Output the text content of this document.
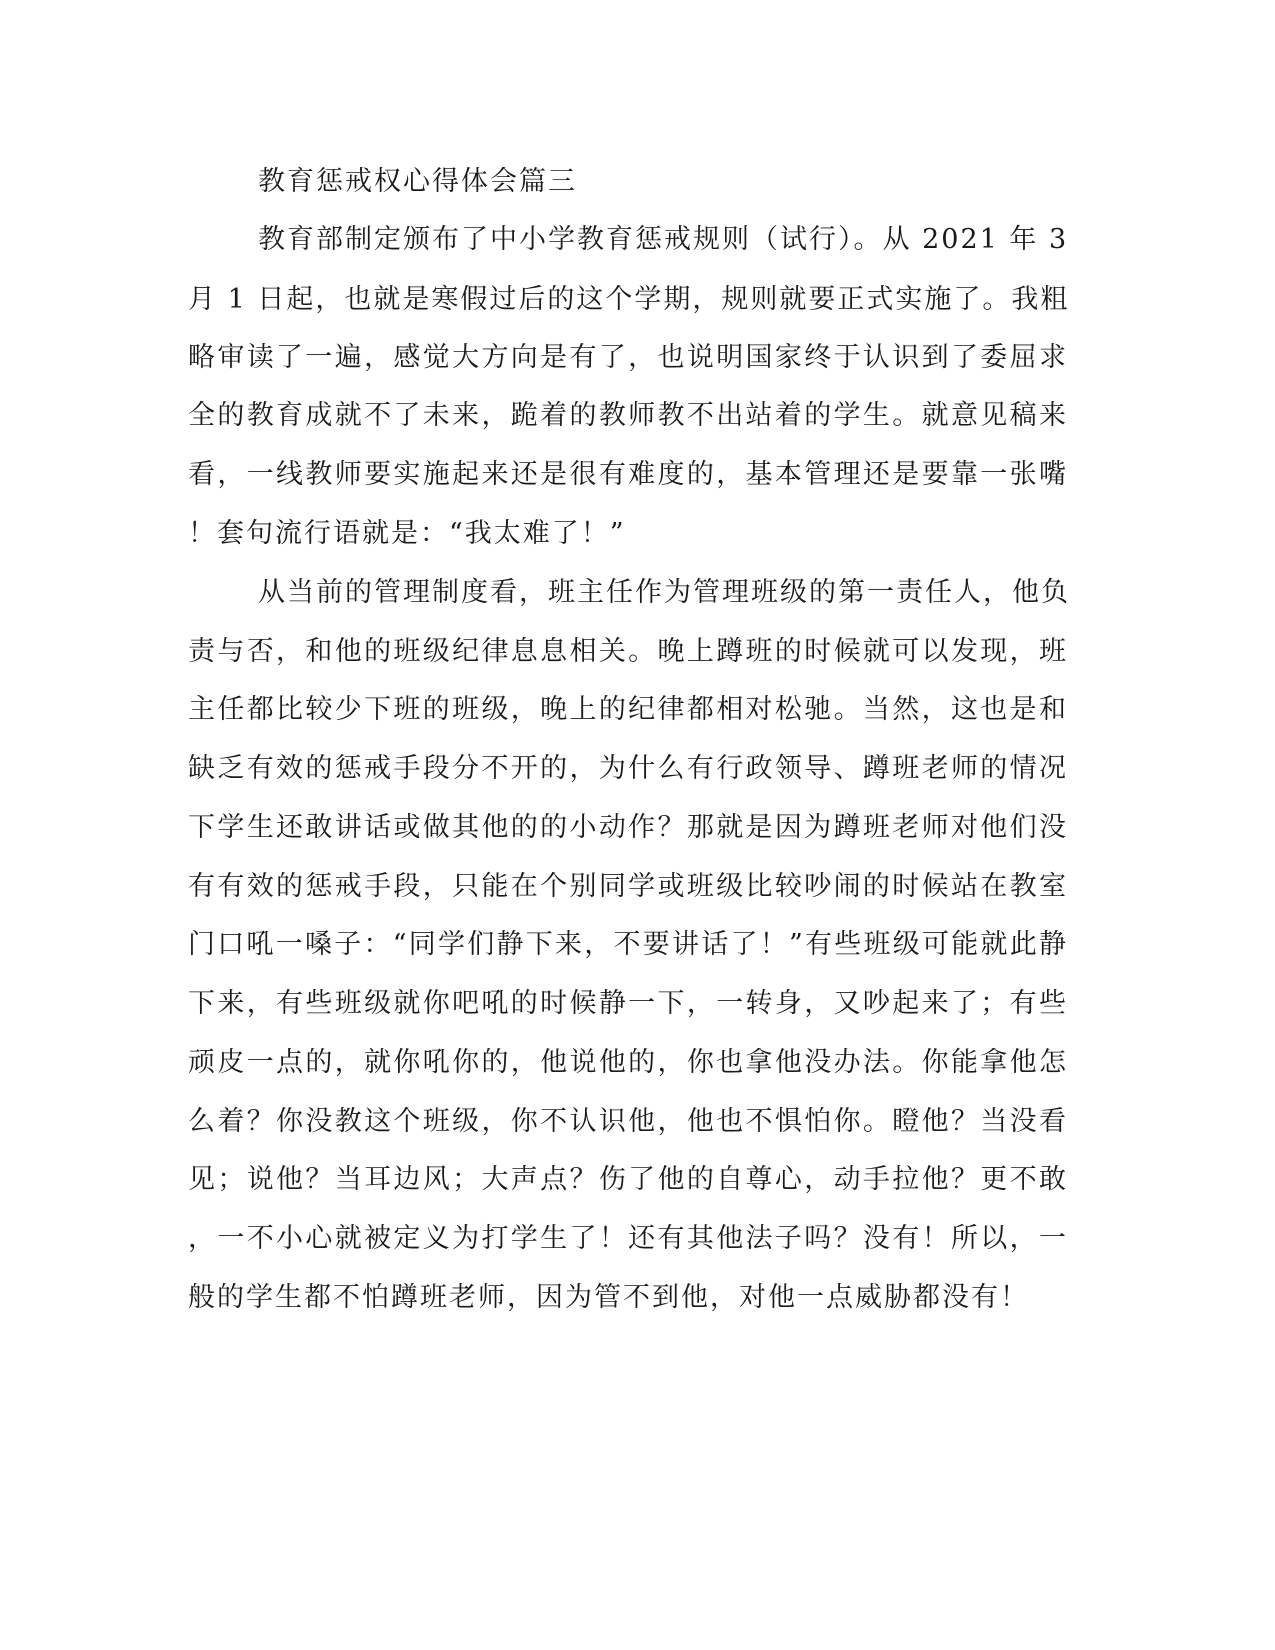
教育惩戒权心得体会篇三
教育部制定颁布了中小学教育惩戒规则（试行）。从 2021 年 3
月 1 日起，也就是寒假过后的这个学期，规则就要正式实施了。我粗
略审读了一遍，感觉大方向是有了，也说明国家终于认识到了委屈求
全的教育成就不了未来，跪着的教师教不出站着的学生。就意见稿来
看，一线教师要实施起来还是很有难度的，基本管理还是要靠一张嘴
！套句流行语就是：“我太难了！”
从当前的管理制度看，班主任作为管理班级的第一责任人，他负
责与否，和他的班级纪律息息相关。晚上蹲班的时候就可以发现，班
主任都比较少下班的班级，晚上的纪律都相对松驰。当然，这也是和
缺乏有效的惩戒手段分不开的，为什么有行政领导、蹲班老师的情况
下学生还敢讲话或做其他的的小动作？那就是因为蹲班老师对他们没
有有效的惩戒手段，只能在个别同学或班级比较吵闹的时候站在教室
门口吼一嗓子：“同学们静下来，不要讲话了！”有些班级可能就此静
下来，有些班级就你吧吼的时候静一下，一转身，又吵起来了；有些
顽皮一点的，就你吼你的，他说他的，你也拿他没办法。你能拿他怎
么着？你没教这个班级，你不认识他，他也不惧怕你。瞪他？当没看
见；说他？当耳边风；大声点？伤了他的自尊心，动手拉他？更不敢
，一不小心就被定义为打学生了！还有其他法子吗？没有！所以，一
般的学生都不怕蹲班老师，因为管不到他，对他一点威胁都没有！
